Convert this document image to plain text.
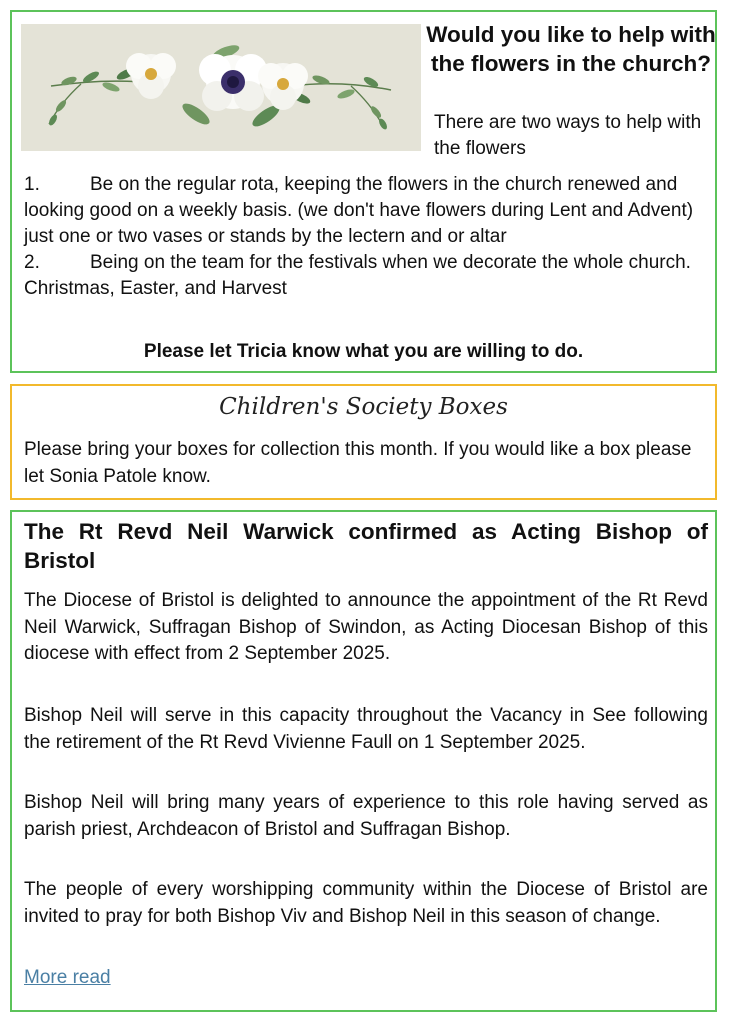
Would you like to help with the flowers in the church?

There are two ways to help with the flowers

1.	Be on the regular rota, keeping the flowers in the church renewed and looking good on a weekly basis. (we don't have flowers during Lent and Advent) just one or two vases or stands by the lectern and or altar
2.	Being on the team for the festivals when we decorate the whole church. Christmas, Easter, and Harvest

Please let Tricia know what you are willing to do.

Children's Society Boxes

Please bring your boxes for collection this month. If you would like a box please let Sonia Patole know.

The Rt Revd Neil Warwick confirmed as Acting Bishop of Bristol

The Diocese of Bristol is delighted to announce the appointment of the Rt Revd Neil Warwick, Suffragan Bishop of Swindon, as Acting Diocesan Bishop of this diocese with effect from 2 September 2025.

Bishop Neil will serve in this capacity throughout the Vacancy in See following the retirement of the Rt Revd Vivienne Faull on 1 September 2025.

Bishop Neil will bring many years of experience to this role having served as parish priest, Archdeacon of Bristol and Suffragan Bishop.

The people of every worshipping community within the Diocese of Bristol are invited to pray for both Bishop Viv and Bishop Neil in this season of change.

More read
